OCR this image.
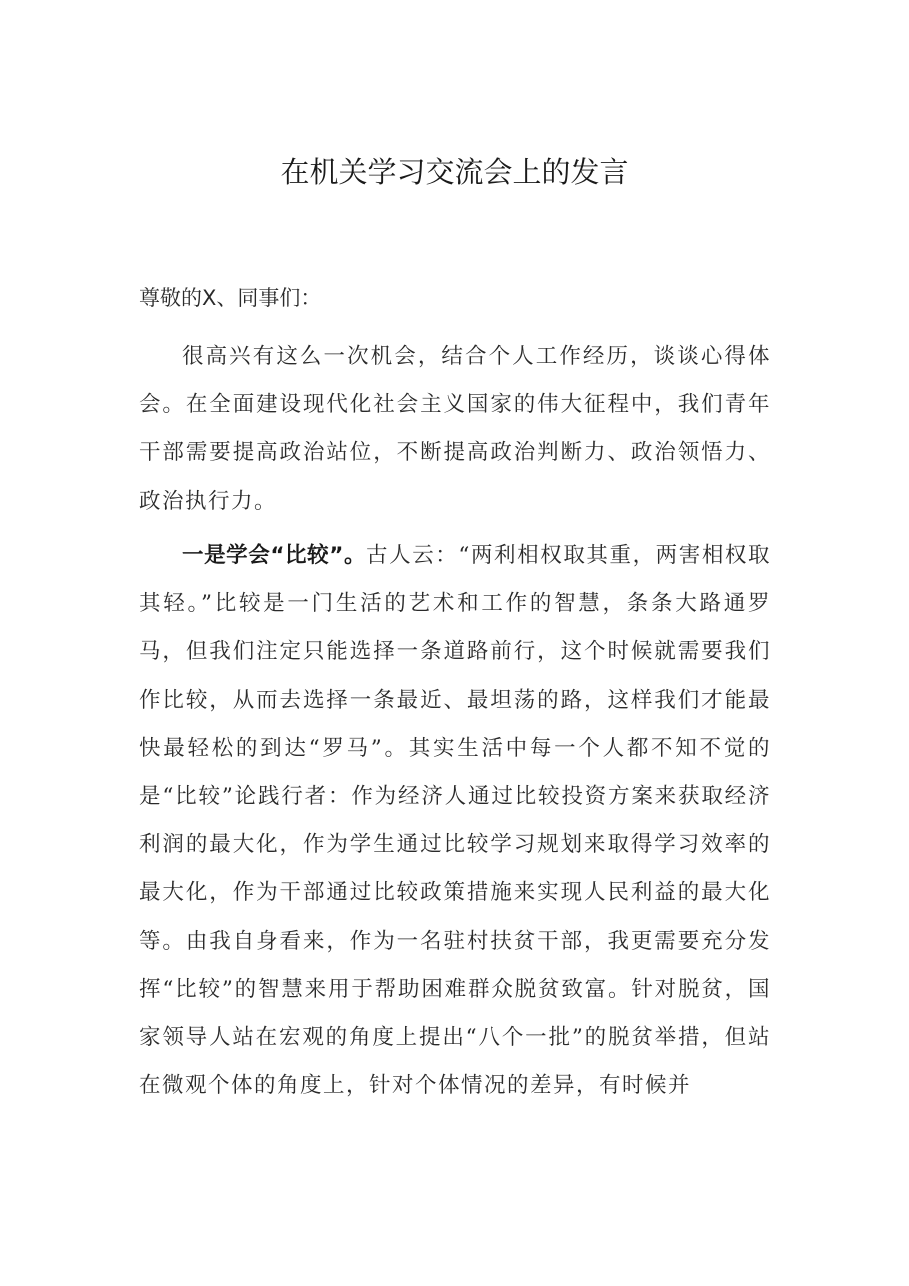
在机关学习交流会上的发言
尊敬的X、同事们：

很高兴有这么一次机会，结合个人工作经历，谈谈心得体会。在全面建设现代化社会主义国家的伟大征程中，我们青年干部需要提高政治站位，不断提高政治判断力、政治领悟力、政治执行力。

一是学会“比较”。古人云：“两利相权取其重，两害相权取其轻。”比较是一门生活的艺术和工作的智慧，条条大路通罗马，但我们注定只能选择一条道路前行，这个时候就需要我们作比较，从而去选择一条最近、最坦荡的路，这样我们才能最快最轻松的到达“罗马”。其实生活中每一个人都不知不觉的是“比较”论践行者：作为经济人通过比较投资方案来获取经济利润的最大化，作为学生通过比较学习规划来取得学习效率的最大化，作为干部通过比较政策措施来实现人民利益的最大化等。由我自身看来，作为一名驻村扶贫干部，我更需要充分发挥“比较”的智慧来用于帮助困难群众脱贫致富。针对脱贫，国家领导人站在宏观的角度上提出“八个一批”的脱贫举措，但站在微观个体的角度上，针对个体情况的差异，有时候并
